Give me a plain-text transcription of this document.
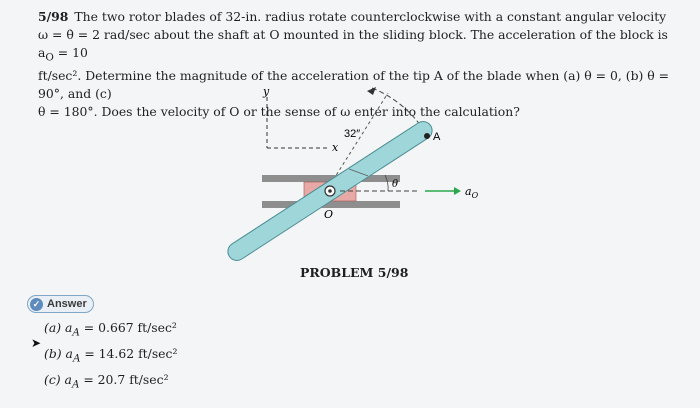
5/98 The two rotor blades of 32-in. radius rotate counterclockwise with a constant angular velocity
ω = θ̇ = 2 rad/sec about the shaft at O mounted in the sliding block. The acceleration of the block is $a_O = 10$
ft/sec². Determine the magnitude of the acceleration of the tip A of the blade when (a) θ = 0, (b) θ = 90°, and (c)
θ = 180°. Does the velocity of O or the sense of ω enter into the calculation?
y
x
32″	A
θ
O
$a_O$
PROBLEM 5/98
✓ Answer
➤
(a) $a_A = 0.667$ ft/sec²
(b) $a_A = 14.62$ ft/sec²
(c) $a_A = 20.7$ ft/sec²
